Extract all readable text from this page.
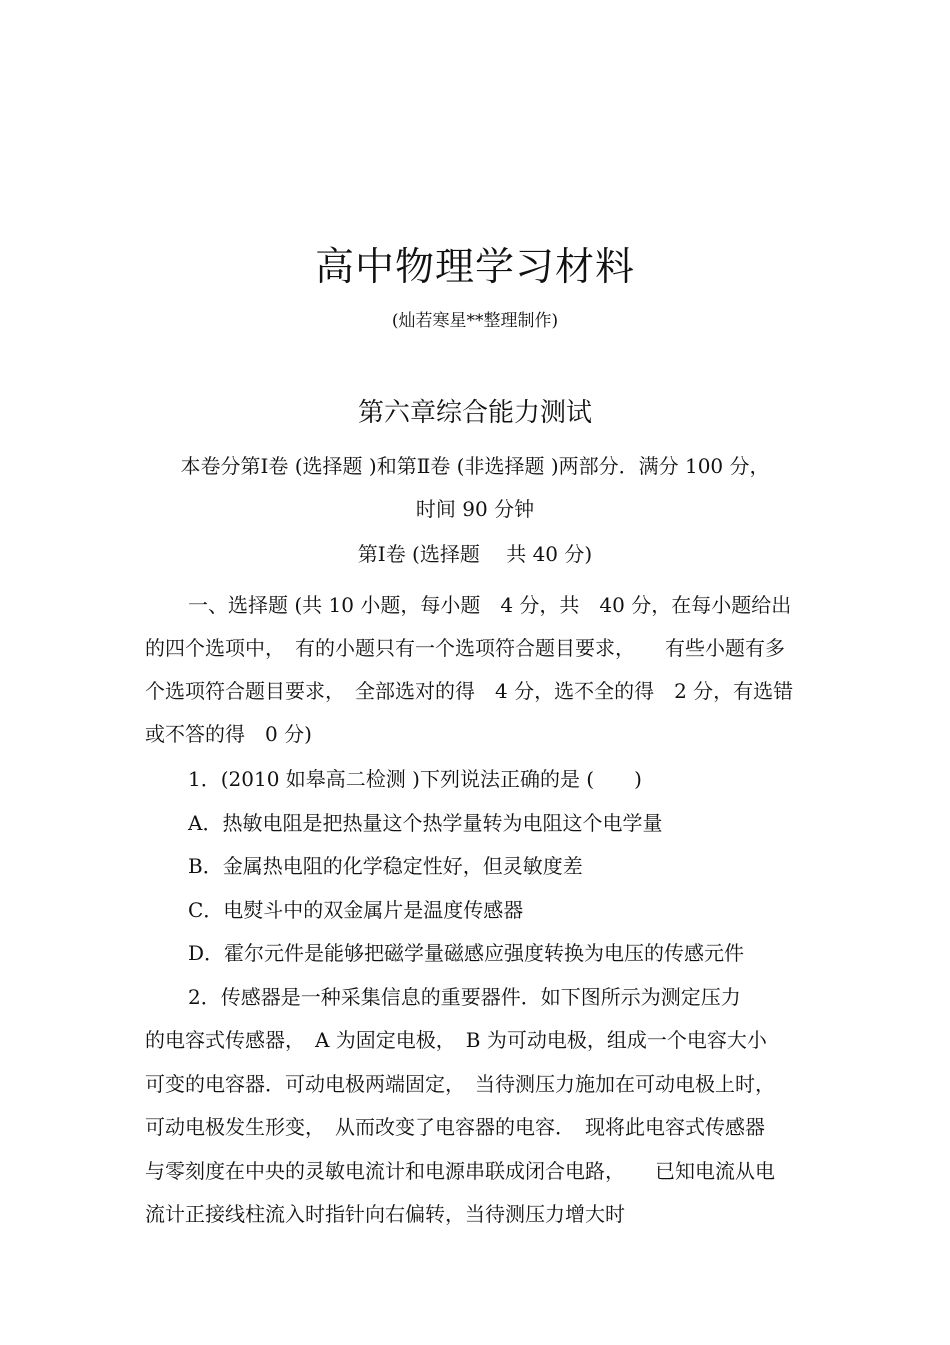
高中物理学习材料
(灿若寒星**整理制作)
第六章综合能力测试
本卷分第Ⅰ卷 (选择题 )和第Ⅱ卷 (非选择题 )两部分．满分 100 分，
时间 90 分钟
第Ⅰ卷 (选择题　 共 40 分)
一、选择题 (共 10 小题，每小题　4 分，共　40 分，在每小题给出
的四个选项中，　有的小题只有一个选项符合题目要求，　　有些小题有多
个选项符合题目要求，　全部选对的得　4 分，选不全的得　2 分，有选错
或不答的得　0 分)
1．(2010 如皋高二检测 )下列说法正确的是 (　　)
A．热敏电阻是把热量这个热学量转为电阻这个电学量
B．金属热电阻的化学稳定性好，但灵敏度差
C．电熨斗中的双金属片是温度传感器
D．霍尔元件是能够把磁学量磁感应强度转换为电压的传感元件
2．传感器是一种采集信息的重要器件．如下图所示为测定压力
的电容式传感器，　A 为固定电极，　B 为可动电极，组成一个电容大小
可变的电容器．可动电极两端固定，　当待测压力施加在可动电极上时，
可动电极发生形变，　从而改变了电容器的电容．　现将此电容式传感器
与零刻度在中央的灵敏电流计和电源串联成闭合电路，　　已知电流从电
流计正接线柱流入时指针向右偏转，当待测压力增大时
